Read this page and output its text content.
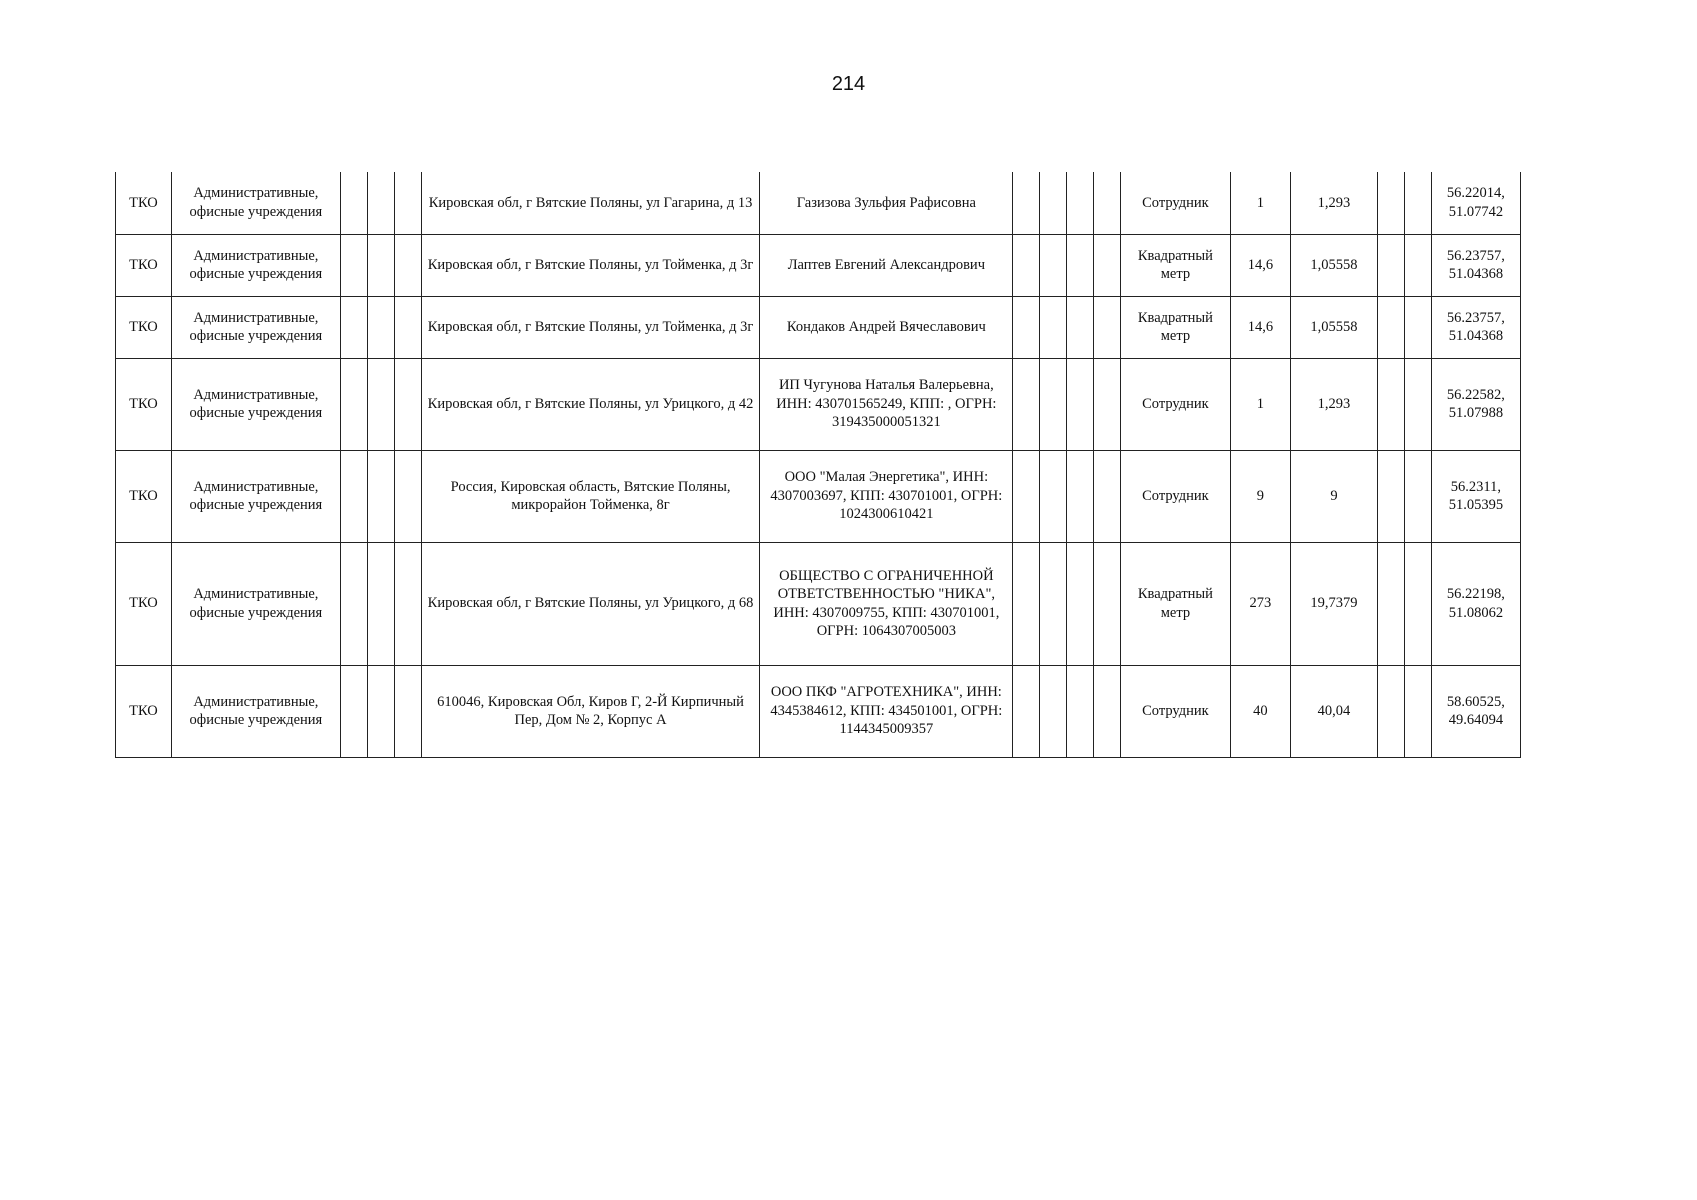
214
ТКО	Административные, офисные учреждения				Кировская обл, г Вятские Поляны, ул Гагарина, д 13	Газизова Зульфия Рафисовна					Сотрудник	1	1,293			56.22014, 51.07742
ТКО	Административные, офисные учреждения				Кировская обл, г Вятские Поляны, ул Тойменка, д 3г	Лаптев Евгений Александрович					Квадратный метр	14,6	1,05558			56.23757, 51.04368
ТКО	Административные, офисные учреждения				Кировская обл, г Вятские Поляны, ул Тойменка, д 3г	Кондаков Андрей Вячеславович					Квадратный метр	14,6	1,05558			56.23757, 51.04368
ТКО	Административные, офисные учреждения				Кировская обл, г Вятские Поляны, ул Урицкого, д 42	ИП Чугунова Наталья Валерьевна, ИНН: 430701565249, КПП: , ОГРН: 319435000051321					Сотрудник	1	1,293			56.22582, 51.07988
ТКО	Административные, офисные учреждения				Россия, Кировская область, Вятские Поляны, микрорайон Тойменка, 8г	ООО "Малая Энергетика", ИНН: 4307003697, КПП: 430701001, ОГРН: 1024300610421					Сотрудник	9	9			56.2311, 51.05395
ТКО	Административные, офисные учреждения				Кировская обл, г Вятские Поляны, ул Урицкого, д 68	ОБЩЕСТВО С ОГРАНИЧЕННОЙ ОТВЕТСТВЕННОСТЬЮ "НИКА", ИНН: 4307009755, КПП: 430701001, ОГРН: 1064307005003					Квадратный метр	273	19,7379			56.22198, 51.08062
ТКО	Административные, офисные учреждения				610046, Кировская Обл, Киров Г, 2-Й Кирпичный Пер, Дом № 2, Корпус А	ООО ПКФ "АГРОТЕХНИКА", ИНН: 4345384612, КПП: 434501001, ОГРН: 1144345009357					Сотрудник	40	40,04			58.60525, 49.64094
